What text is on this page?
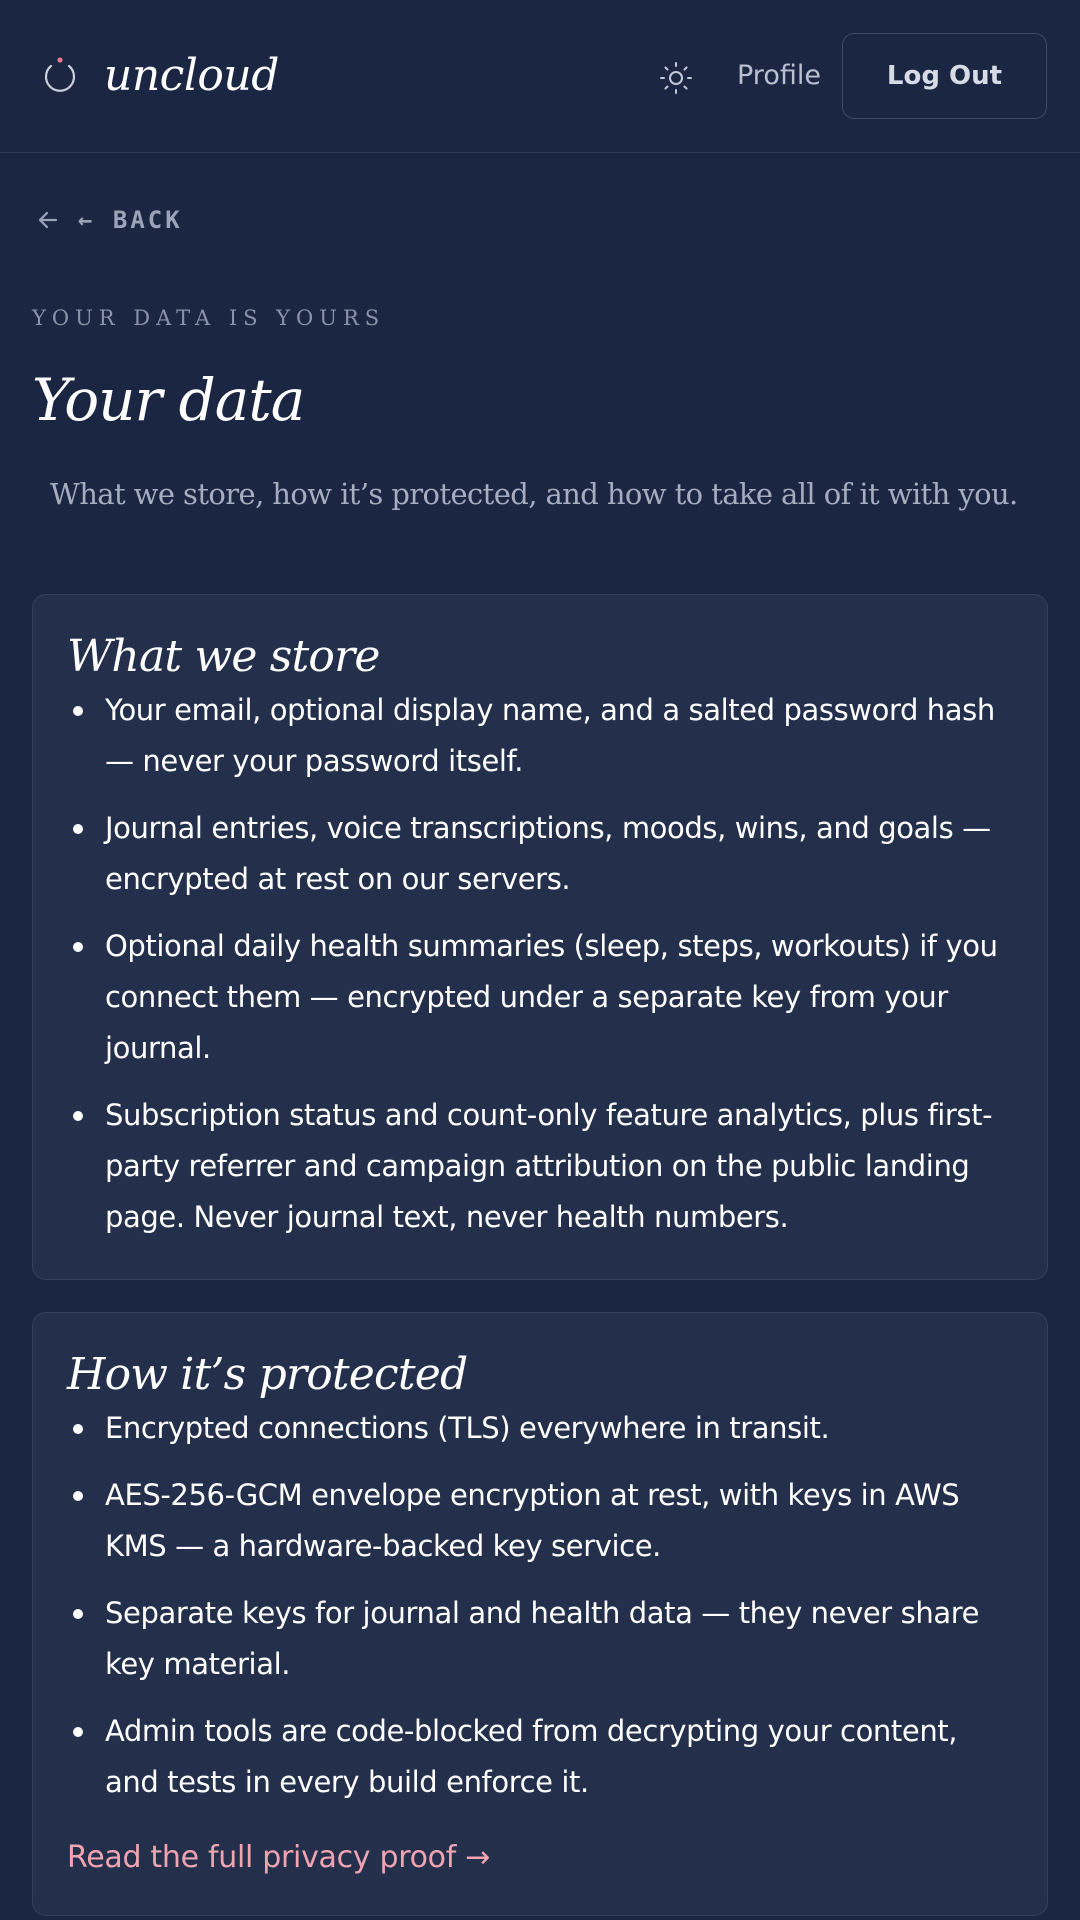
uncloud	Profile	Log Out
← BACK
YOUR DATA IS YOURS
Your data
What we store, how it’s protected, and how to take all of it with you.
What we store
Your email, optional display name, and a salted password hash — never your password itself.
Journal entries, voice transcriptions, moods, wins, and goals — encrypted at rest on our servers.
Optional daily health summaries (sleep, steps, workouts) if you connect them — encrypted under a separate key from your journal.
Subscription status and count-only feature analytics, plus first-party referrer and campaign attribution on the public landing page. Never journal text, never health numbers.
How it’s protected
Encrypted connections (TLS) everywhere in transit.
AES-256-GCM envelope encryption at rest, with keys in AWS KMS — a hardware-backed key service.
Separate keys for journal and health data — they never share key material.
Admin tools are code-blocked from decrypting your content, and tests in every build enforce it.
Read the full privacy proof →
